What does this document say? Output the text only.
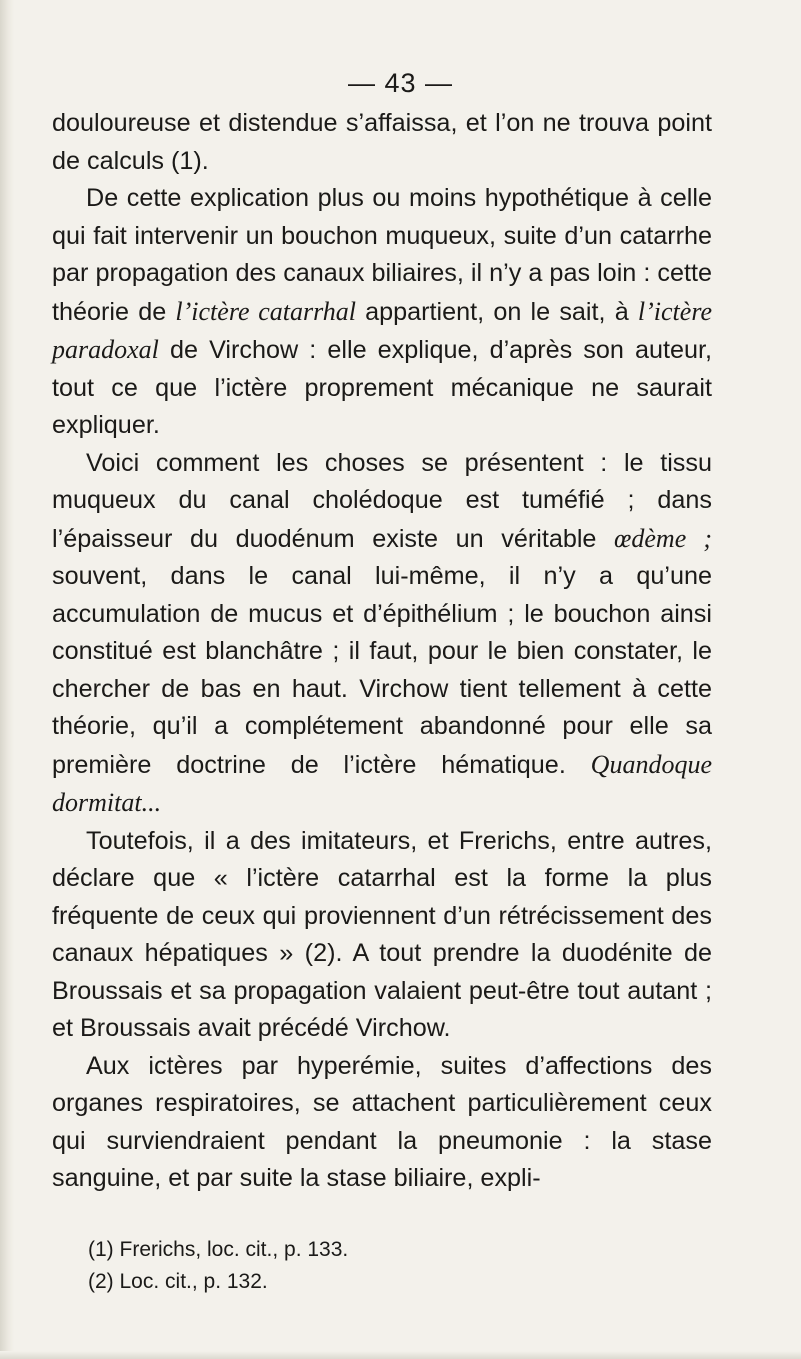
— 43 —

douloureuse et distendue s’affaissa, et l’on ne trouva point de calculs (1).

De cette explication plus ou moins hypothétique à celle qui fait intervenir un bouchon muqueux, suite d’un catarrhe par propagation des canaux biliaires, il n’y a pas loin : cette théorie de l’ictère catarrhal appartient, on le sait, à l’ictère paradoxal de Virchow : elle explique, d’après son auteur, tout ce que l’ictère proprement mécanique ne saurait expliquer.

Voici comment les choses se présentent : le tissu muqueux du canal cholédoque est tuméfié ; dans l’épaisseur du duodénum existe un véritable œdème ; souvent, dans le canal lui-même, il n’y a qu’une accumulation de mucus et d’épithélium ; le bouchon ainsi constitué est blanchâtre ; il faut, pour le bien constater, le chercher de bas en haut. Virchow tient tellement à cette théorie, qu’il a complétement abandonné pour elle sa première doctrine de l’ictère hématique. Quandoque dormitat...

Toutefois, il a des imitateurs, et Frerichs, entre autres, déclare que « l’ictère catarrhal est la forme la plus fréquente de ceux qui proviennent d’un rétrécissement des canaux hépatiques » (2). A tout prendre la duodénite de Broussais et sa propagation valaient peut-être tout autant ; et Broussais avait précédé Virchow.

Aux ictères par hyperémie, suites d’affections des organes respiratoires, se attachent particulièrement ceux qui surviendraient pendant la pneumonie : la stase sanguine, et par suite la stase biliaire, expli-

(1) Frerichs, loc. cit., p. 133.
(2) Loc. cit., p. 132.
